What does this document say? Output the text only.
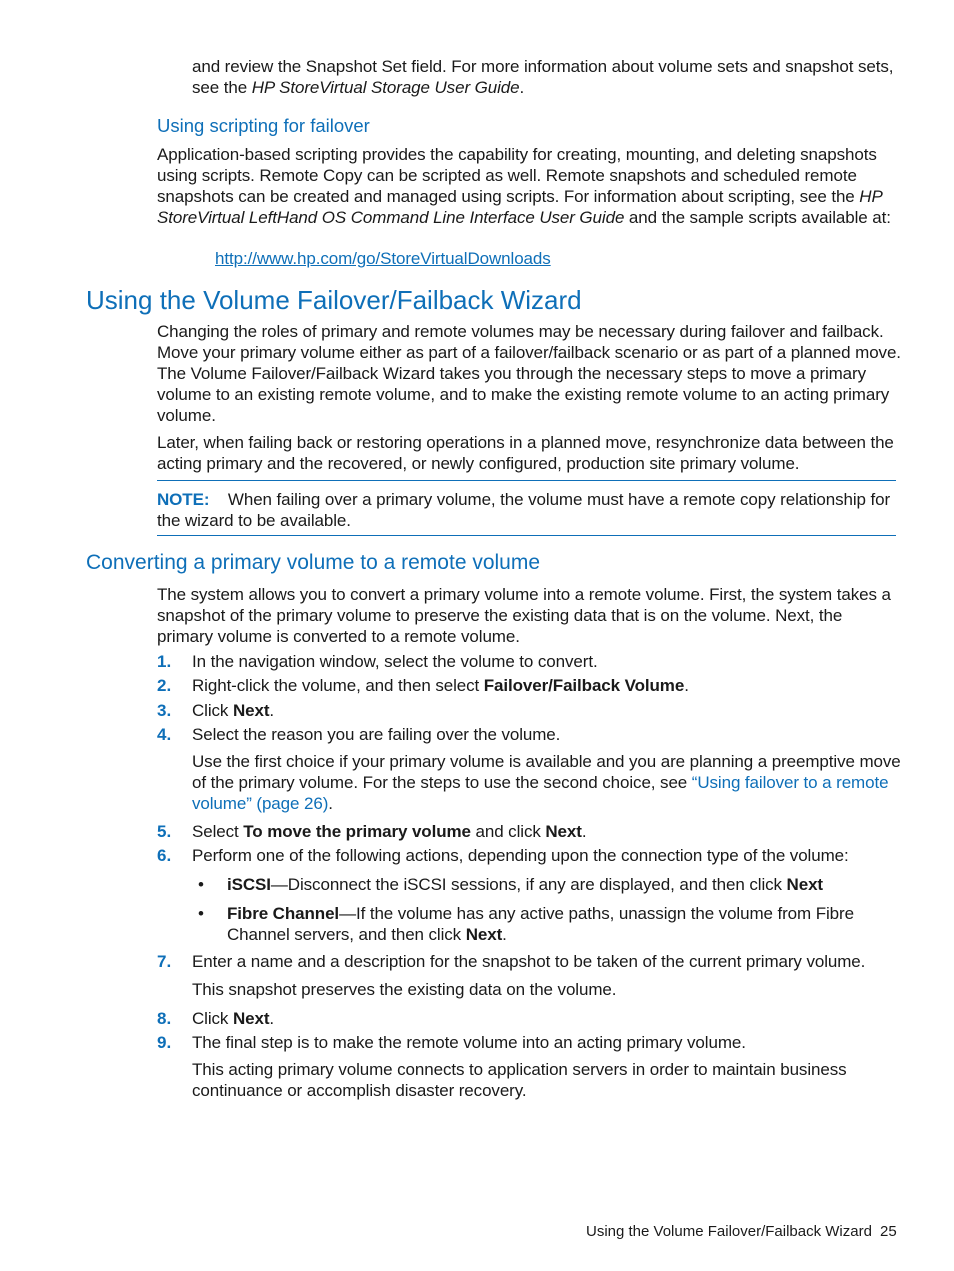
and review the Snapshot Set field. For more information about volume sets and snapshot sets, see the HP StoreVirtual Storage User Guide.

Using scripting for failover

Application-based scripting provides the capability for creating, mounting, and deleting snapshots using scripts. Remote Copy can be scripted as well. Remote snapshots and scheduled remote snapshots can be created and managed using scripts. For information about scripting, see the HP StoreVirtual LeftHand OS Command Line Interface User Guide and the sample scripts available at:

http://www.hp.com/go/StoreVirtualDownloads
Using the Volume Failover/Failback Wizard

Changing the roles of primary and remote volumes may be necessary during failover and failback. Move your primary volume either as part of a failover/failback scenario or as part of a planned move. The Volume Failover/Failback Wizard takes you through the necessary steps to move a primary volume to an existing remote volume, and to make the existing remote volume to an acting primary volume.

Later, when failing back or restoring operations in a planned move, resynchronize data between the acting primary and the recovered, or newly configured, production site primary volume.

NOTE: When failing over a primary volume, the volume must have a remote copy relationship for the wizard to be available.

Converting a primary volume to a remote volume

The system allows you to convert a primary volume into a remote volume. First, the system takes a snapshot of the primary volume to preserve the existing data that is on the volume. Next, the primary volume is converted to a remote volume.

1. In the navigation window, select the volume to convert.

2. Right-click the volume, and then select Failover/Failback Volume.

3. Click Next.

4. Select the reason you are failing over the volume.

Use the first choice if your primary volume is available and you are planning a preemptive move of the primary volume. For the steps to use the second choice, see “Using failover to a remote volume” (page 26).

5. Select To move the primary volume and click Next.

6. Perform one of the following actions, depending upon the connection type of the volume:

• iSCSI—Disconnect the iSCSI sessions, if any are displayed, and then click Next

• Fibre Channel—If the volume has any active paths, unassign the volume from Fibre Channel servers, and then click Next.

7. Enter a name and a description for the snapshot to be taken of the current primary volume.

This snapshot preserves the existing data on the volume.

8. Click Next.

9. The final step is to make the remote volume into an acting primary volume.

This acting primary volume connects to application servers in order to maintain business continuance or accomplish disaster recovery.

Using the Volume Failover/Failback Wizard 25
